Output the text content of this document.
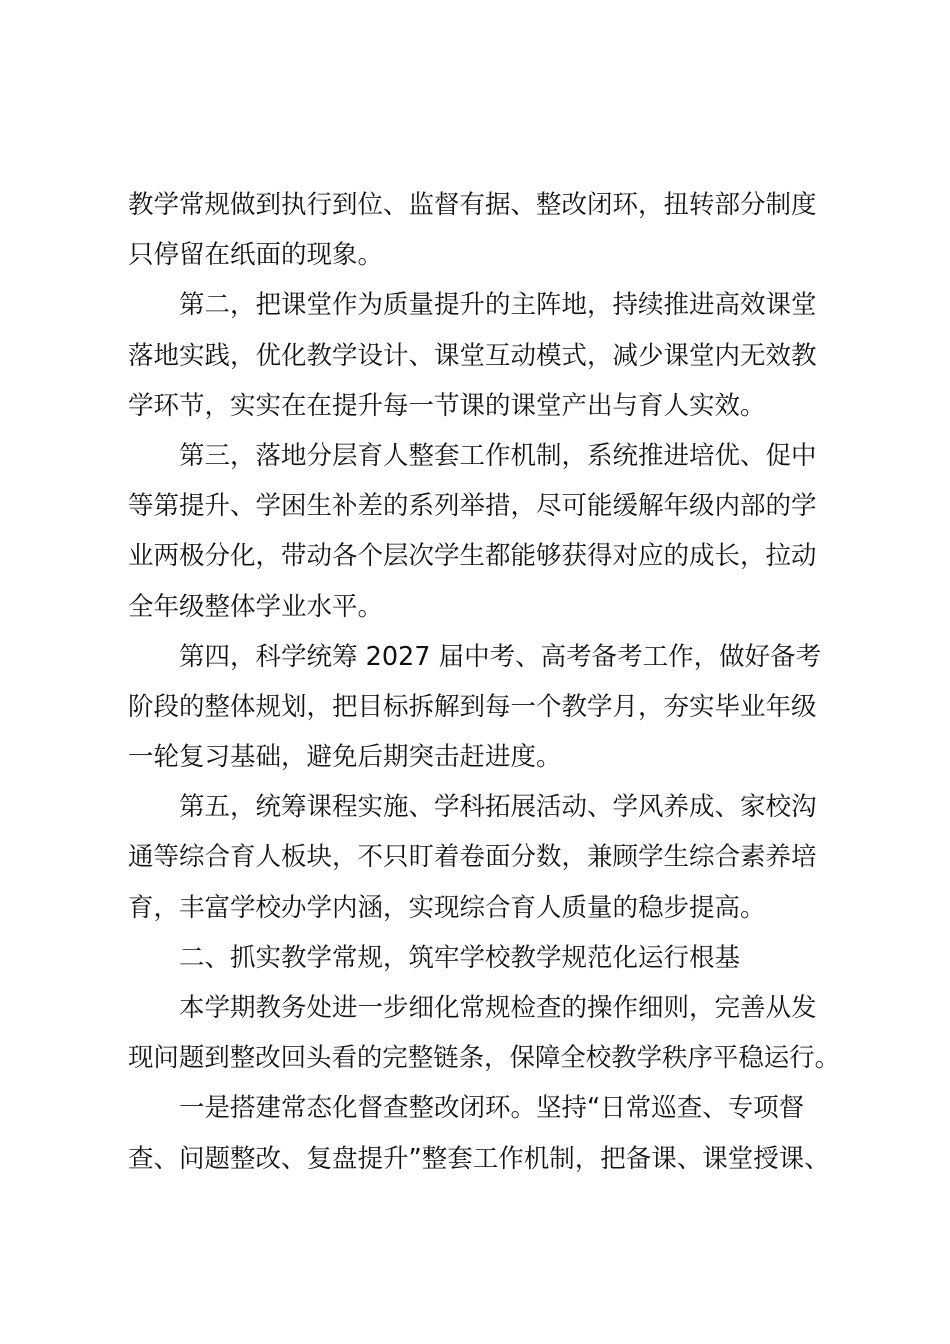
教学常规做到执行到位、监督有据、整改闭环，扭转部分制度
只停留在纸面的现象。

第二，把课堂作为质量提升的主阵地，持续推进高效课堂
落地实践，优化教学设计、课堂互动模式，减少课堂内无效教
学环节，实实在在提升每一节课的课堂产出与育人实效。

第三，落地分层育人整套工作机制，系统推进培优、促中
等第提升、学困生补差的系列举措，尽可能缓解年级内部的学
业两极分化，带动各个层次学生都能够获得对应的成长，拉动
全年级整体学业水平。

第四，科学统筹 2027 届中考、高考备考工作，做好备考
阶段的整体规划，把目标拆解到每一个教学月，夯实毕业年级
一轮复习基础，避免后期突击赶进度。

第五，统筹课程实施、学科拓展活动、学风养成、家校沟
通等综合育人板块，不只盯着卷面分数，兼顾学生综合素养培
育，丰富学校办学内涵，实现综合育人质量的稳步提高。

二、抓实教学常规，筑牢学校教学规范化运行根基

本学期教务处进一步细化常规检查的操作细则，完善从发
现问题到整改回头看的完整链条，保障全校教学秩序平稳运行。

一是搭建常态化督查整改闭环。坚持“日常巡查、专项督
查、问题整改、复盘提升”整套工作机制，把备课、课堂授课、
